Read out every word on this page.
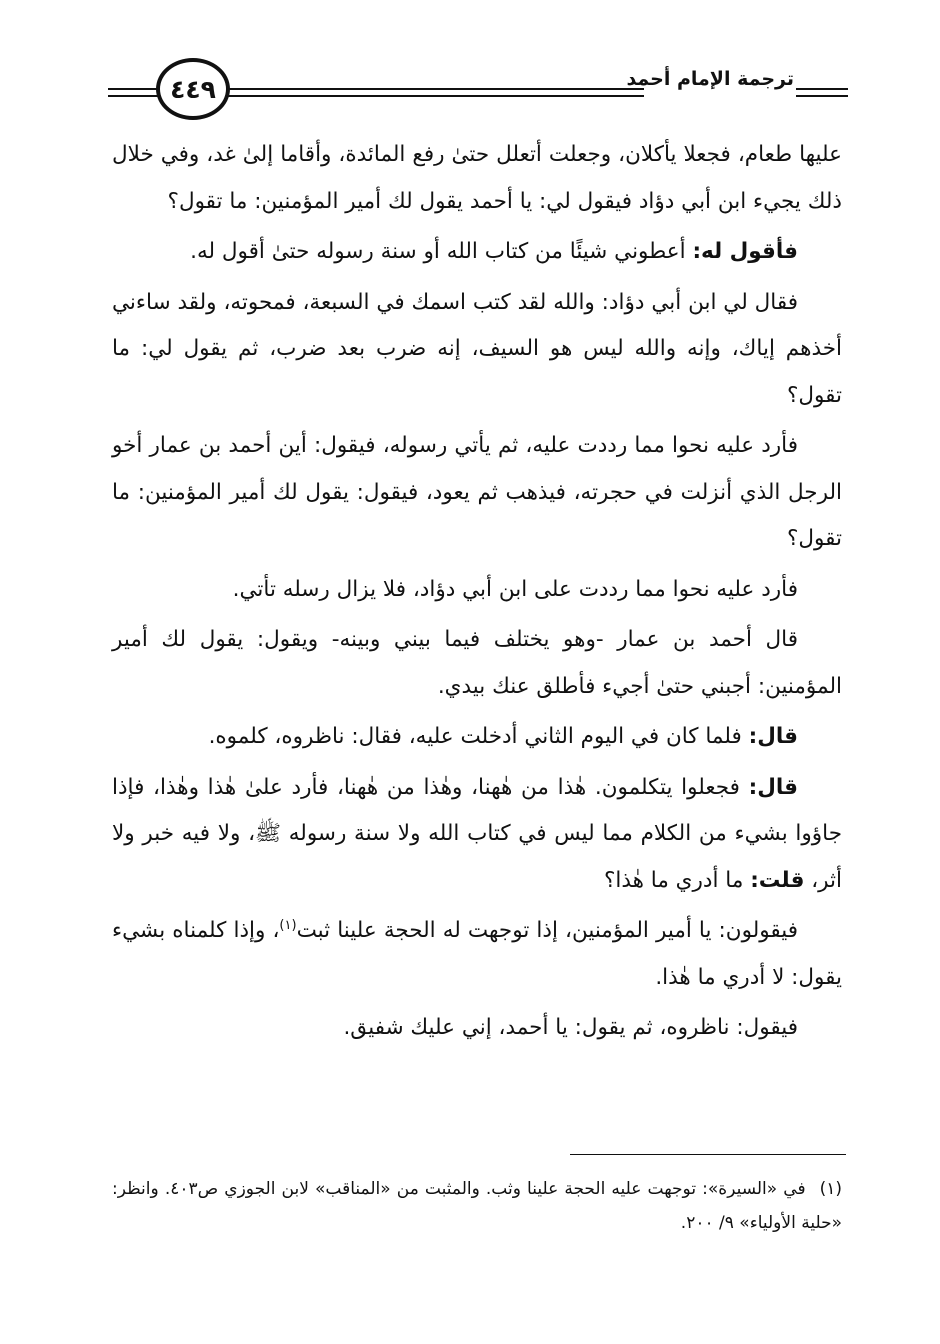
٤٤٩	ترجمة الإمام أحمد

عليها طعام، فجعلا يأكلان، وجعلت أتعلل حتىٰ رفع المائدة، وأقاما إلىٰ غد، وفي خلال ذلك يجيء ابن أبي دؤاد فيقول لي: يا أحمد يقول لك أمير المؤمنين: ما تقول؟

فأقول له: أعطوني شيئًا من كتاب الله أو سنة رسوله حتىٰ أقول له.

فقال لي ابن أبي دؤاد: والله لقد كتب اسمك في السبعة، فمحوته، ولقد ساءني أخذهم إياك، وإنه والله ليس هو السيف، إنه ضرب بعد ضرب، ثم يقول لي: ما تقول؟

فأرد عليه نحوا مما رددت عليه، ثم يأتي رسوله، فيقول: أين أحمد بن عمار أخو الرجل الذي أنزلت في حجرته، فيذهب ثم يعود، فيقول: يقول لك أمير المؤمنين: ما تقول؟

فأرد عليه نحوا مما رددت على ابن أبي دؤاد، فلا يزال رسله تأتي.

قال أحمد بن عمار -وهو يختلف فيما بيني وبينه- ويقول: يقول لك أمير المؤمنين: أجبني حتىٰ أجيء فأطلق عنك بيدي.

قال: فلما كان في اليوم الثاني أدخلت عليه، فقال: ناظروه، كلموه.

قال: فجعلوا يتكلمون. هٰذا من هٰهنا، وهٰذا من هٰهنا، فأرد علىٰ هٰذا وهٰذا، فإذا جاؤوا بشيء من الكلام مما ليس في كتاب الله ولا سنة رسوله ﷺ، ولا فيه خبر ولا أثر، قلت: ما أدري ما هٰذا؟

فيقولون: يا أمير المؤمنين، إذا توجهت له الحجة علينا ثبت$^{(١)}$، وإذا كلمناه بشيء يقول: لا أدري ما هٰذا.

فيقول: ناظروه، ثم يقول: يا أحمد، إني عليك شفيق.

(١)في «السيرة»: توجهت عليه الحجة علينا وثب. والمثبت من «المناقب» لابن الجوزي ص٤٠٣. وانظر: «حلية الأولياء» ٩/ ٢٠٠.
